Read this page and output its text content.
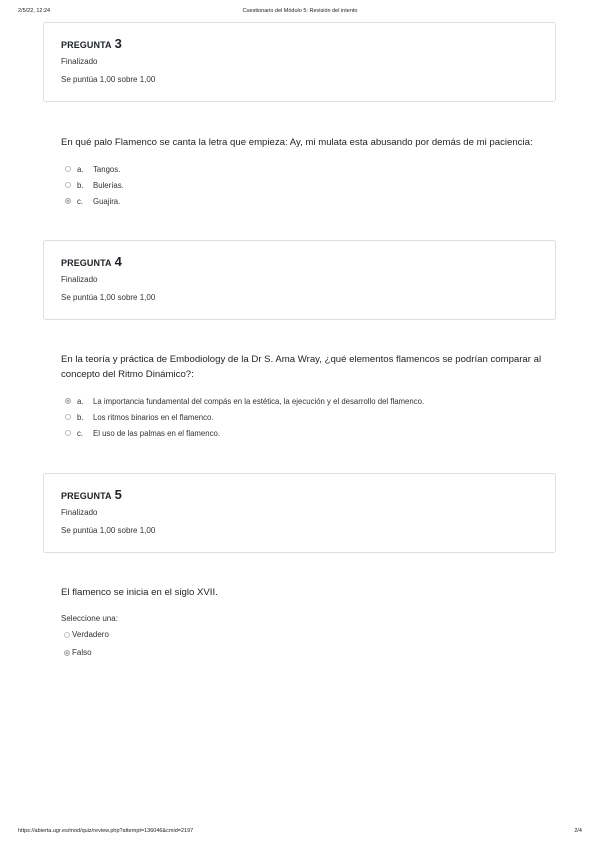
2/5/22, 12:24	Cuestionario del Módulo 5: Revisión del intento
PREGUNTA 3
Finalizado
Se puntúa 1,00 sobre 1,00
En qué palo Flamenco se canta la letra que empieza: Ay, mi mulata esta abusando por demás de mi paciencia:
a.	Tangos.
b.	Bulerías.
c.	Guajira.
PREGUNTA 4
Finalizado
Se puntúa 1,00 sobre 1,00
En la teoría y práctica de Embodiology de la Dr S. Ama Wray, ¿qué elementos flamencos se podrían comparar al concepto del Ritmo Dinámico?:
a.	La importancia fundamental del compás en la estética, la ejecución y el desarrollo del flamenco.
b.	Los ritmos binarios en el flamenco.
c.	El uso de las palmas en el flamenco.
PREGUNTA 5
Finalizado
Se puntúa 1,00 sobre 1,00
El flamenco se inicia en el siglo XVII.
Seleccione una:
Verdadero
Falso
https://abierta.ugr.es/mod/quiz/review.php?attempt=136046&cmid=2197	2/4
